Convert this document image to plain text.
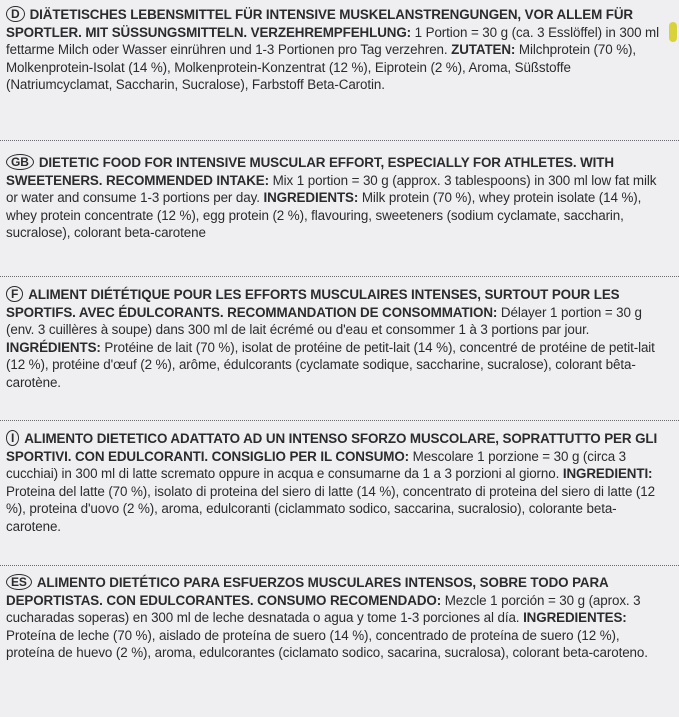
D DIÄTETISCHES LEBENSMITTEL FÜR INTENSIVE MUSKELANSTRENGUNGEN, VOR ALLEM FÜR SPORTLER. MIT SÜSSUNGSMITTELN. VERZEHREMPFEHLUNG: 1 Portion = 30 g (ca. 3 Esslöffel) in 300 ml fettarme Milch oder Wasser einrühren und 1-3 Portionen pro Tag verzehren. ZUTATEN: Milchprotein (70 %), Molkenprotein-Isolat (14 %), Molkenprotein-Konzentrat (12 %), Eiprotein (2 %), Aroma, Süßstoffe (Natriumcyclamat, Saccharin, Sucralose), Farbstoff Beta-Carotin.

GB DIETETIC FOOD FOR INTENSIVE MUSCULAR EFFORT, ESPECIALLY FOR ATHLETES. WITH SWEETENERS. RECOMMENDED INTAKE: Mix 1 portion = 30 g (approx. 3 tablespoons) in 300 ml low fat milk or water and consume 1-3 portions per day. INGREDIENTS: Milk protein (70 %), whey protein isolate (14 %), whey protein concentrate (12 %), egg protein (2 %), flavouring, sweeteners (sodium cyclamate, saccharin, sucralose), colorant beta-carotene

F ALIMENT DIÉTÉTIQUE POUR LES EFFORTS MUSCULAIRES INTENSES, SURTOUT POUR LES SPORTIFS. AVEC ÉDULCORANTS. RECOMMANDATION DE CONSOMMATION: Délayer 1 portion = 30 g (env. 3 cuillères à soupe) dans 300 ml de lait écrémé ou d'eau et consommer 1 à 3 portions par jour. INGRÉDIENTS: Protéine de lait (70 %), isolat de protéine de petit-lait (14 %), concentré de protéine de petit-lait (12 %), protéine d'œuf (2 %), arôme, édulcorants (cyclamate sodique, saccharine, sucralose), colorant bêta-carotène.

I ALIMENTO DIETETICO ADATTATO AD UN INTENSO SFORZO MUSCOLARE, SOPRATTUTTO PER GLI SPORTIVI. CON EDULCORANTI. CONSIGLIO PER IL CONSUMO: Mescolare 1 porzione = 30 g (circa 3 cucchiai) in 300 ml di latte scremato oppure in acqua e consumarne da 1 a 3 porzioni al giorno. INGREDIENTI: Proteina del latte (70 %), isolato di proteina del siero di latte (14 %), concentrato di proteina del siero di latte (12 %), proteina d'uovo (2 %), aroma, edulcoranti (ciclammato sodico, saccarina, sucralosio), colorante beta-carotene.

ES ALIMENTO DIETÉTICO PARA ESFUERZOS MUSCULARES INTENSOS, SOBRE TODO PARA DEPORTISTAS. CON EDULCORANTES. CONSUMO RECOMENDADO: Mezcle 1 porción = 30 g (aprox. 3 cucharadas soperas) en 300 ml de leche desnatada o agua y tome 1-3 porciones al día. INGREDIENTES: Proteína de leche (70 %), aislado de proteína de suero (14 %), concentrado de proteína de suero (12 %), proteína de huevo (2 %), aroma, edulcorantes (ciclamato sodico, sacarina, sucralosa), colorant beta-caroteno.
